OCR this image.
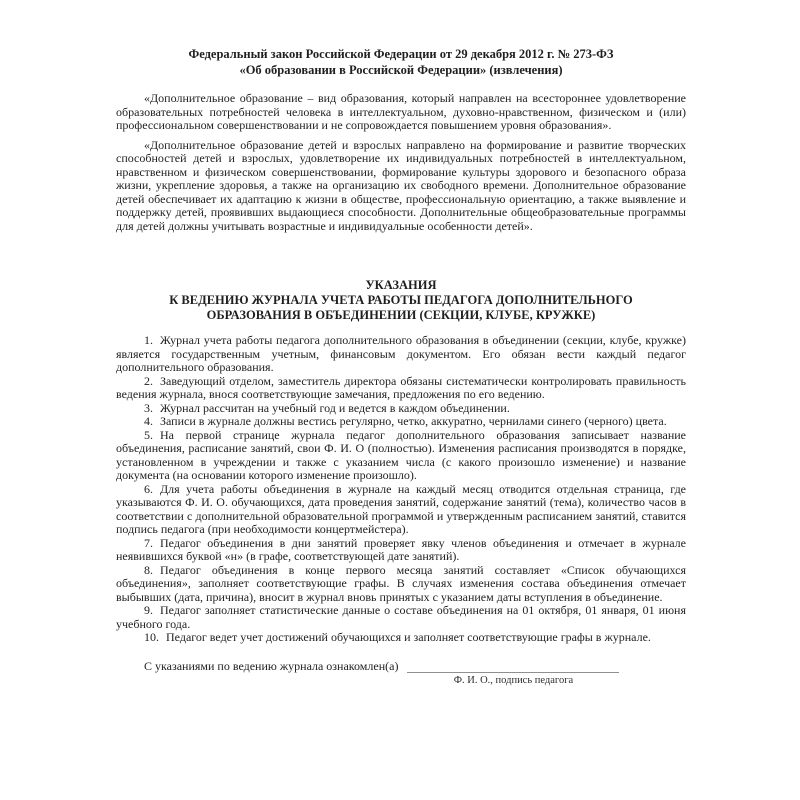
Федеральный закон Российской Федерации от 29 декабря 2012 г. № 273-ФЗ
«Об образовании в Российской Федерации» (извлечения)

«Дополнительное образование – вид образования, который направлен на всестороннее удовлетворение образовательных потребностей человека в интеллектуальном, духовно-нравственном, физическом и (или) профессиональном совершенствовании и не сопровождается повышением уровня образования».

«Дополнительное образование детей и взрослых направлено на формирование и развитие творческих способностей детей и взрослых, удовлетворение их индивидуальных потребностей в интеллектуальном, нравственном и физическом совершенствовании, формирование культуры здорового и безопасного образа жизни, укрепление здоровья, а также на организацию их свободного времени. Дополнительное образование детей обеспечивает их адаптацию к жизни в обществе, профессиональную ориентацию, а также выявление и поддержку детей, проявивших выдающиеся способности. Дополнительные общеобразовательные программы для детей должны учитывать возрастные и индивидуальные особенности детей».

УКАЗАНИЯ
К ВЕДЕНИЮ ЖУРНАЛА УЧЕТА РАБОТЫ ПЕДАГОГА ДОПОЛНИТЕЛЬНОГО
ОБРАЗОВАНИЯ В ОБЪЕДИНЕНИИ (СЕКЦИИ, КЛУБЕ, КРУЖКЕ)

1. Журнал учета работы педагога дополнительного образования в объединении (секции, клубе, кружке) является государственным учетным, финансовым документом. Его обязан вести каждый педагог дополнительного образования.

2. Заведующий отделом, заместитель директора обязаны систематически контролировать правильность ведения журнала, внося соответствующие замечания, предложения по его ведению.

3. Журнал рассчитан на учебный год и ведется в каждом объединении.

4. Записи в журнале должны вестись регулярно, четко, аккуратно, чернилами синего (черного) цвета.

5. На первой странице журнала педагог дополнительного образования записывает название объединения, расписание занятий, свои Ф. И. О (полностью). Изменения расписания производятся в порядке, установленном в учреждении и также с указанием числа (с какого произошло изменение) и название документа (на основании которого изменение произошло).

6. Для учета работы объединения в журнале на каждый месяц отводится отдельная страница, где указываются Ф. И. О. обучающихся, дата проведения занятий, содержание занятий (тема), количество часов в соответствии с дополнительной образовательной программой и утвержденным расписанием занятий, ставится подпись педагога (при необходимости концертмейстера).

7. Педагог объединения в дни занятий проверяет явку членов объединения и отмечает в журнале неявившихся буквой «н» (в графе, соответствующей дате занятий).

8. Педагог объединения в конце первого месяца занятий составляет «Список обучающихся объединения», заполняет соответствующие графы. В случаях изменения состава объединения отмечает выбывших (дата, причина), вносит в журнал вновь принятых с указанием даты вступления в объединение.

9. Педагог заполняет статистические данные о составе объединения на 01 октября, 01 января, 01 июня учебного года.

10. Педагог ведет учет достижений обучающихся и заполняет соответствующие графы в журнале.

С указаниями по ведению журнала ознакомлен(а)
Ф. И. О., подпись педагога
